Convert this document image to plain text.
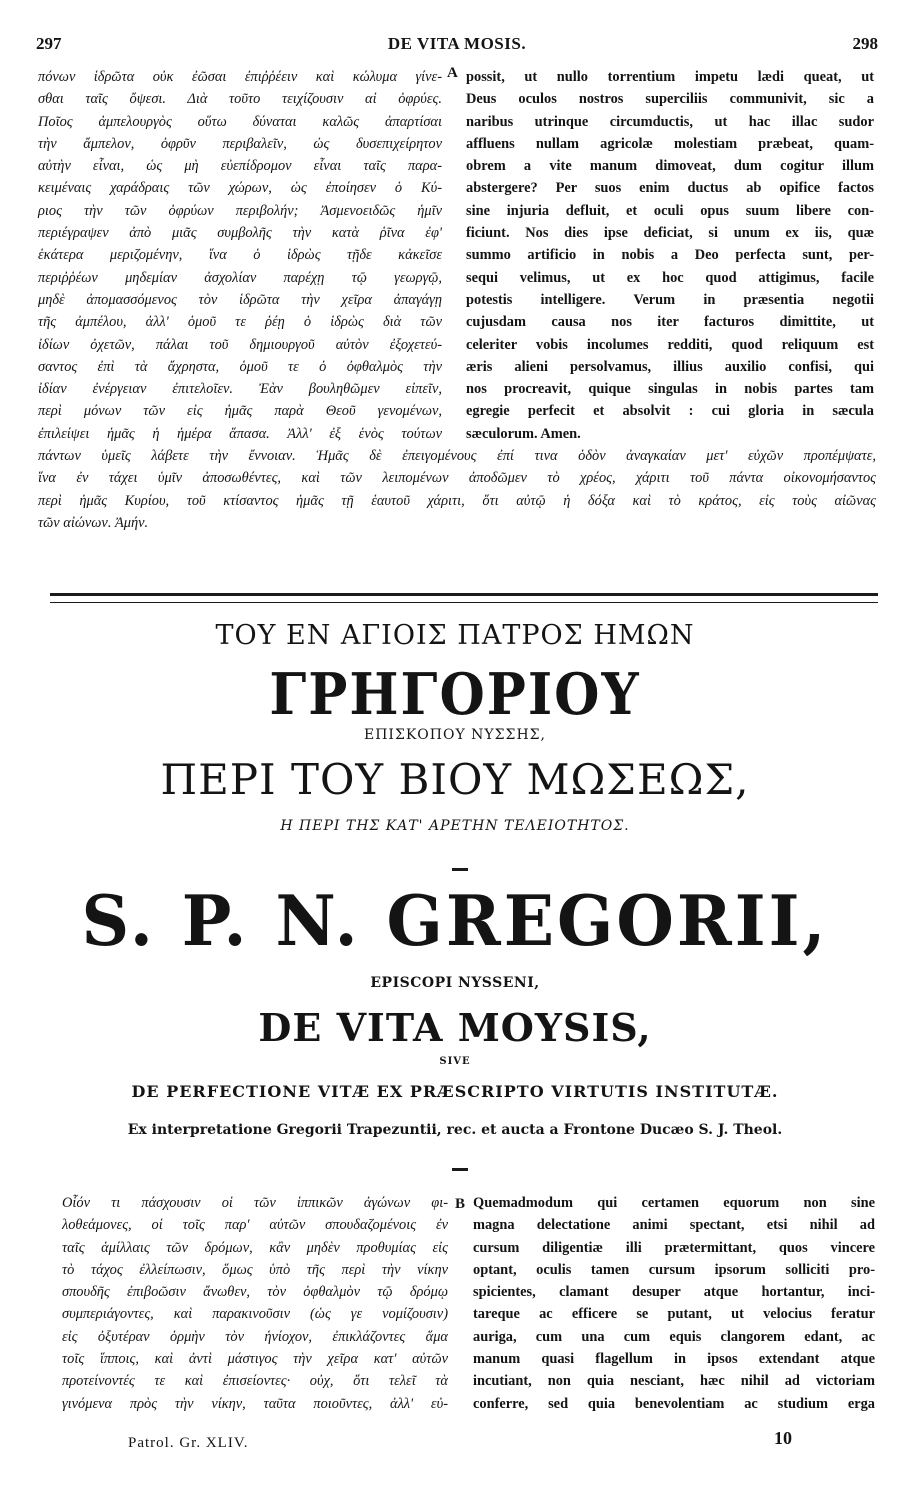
297	DE VITA MOSIS.	298
πόνων ἱδρῶτα οὐκ ἐῶσαι ἐπιῤῥέειν καὶ κώλυμα γίνε-
σθαι ταῖς ὄψεσι. Διὰ τοῦτο τειχίζουσιν αἱ ὀφρύες.
Ποῖος ἀμπελουργὸς οὕτω δύναται καλῶς ἀπαρτίσαι
τὴν ἄμπελον, ὀφρῦν περιβαλεῖν, ὡς δυσεπιχείρητον
αὐτὴν εἶναι, ὡς μὴ εὐεπίδρομον εἶναι ταῖς παρα-
κειμέναις χαράδραις τῶν χώρων, ὡς ἐποίησεν ὁ Κύ-
ριος τὴν τῶν ὀφρύων περιβολήν; Ἀσμενοειδῶς ἡμῖν
περιέγραψεν ἀπὸ μιᾶς συμβολῆς τὴν κατὰ ῥῖνα ἐφ'
ἑκάτερα μεριζομένην, ἵνα ὁ ἱδρὼς τῇδε κἀκεῖσε
περιῤῥέων μηδεμίαν ἀσχολίαν παρέχῃ τῷ γεωργῷ,
μηδὲ ἀπομασσόμενος τὸν ἱδρῶτα τὴν χεῖρα ἀπαγάγῃ
τῆς ἀμπέλου, ἀλλ' ὁμοῦ τε ῥέῃ ὁ ἱδρὼς διὰ τῶν
ἰδίων ὀχετῶν, πάλαι τοῦ δημιουργοῦ αὐτὸν ἐξοχετεύ-
σαντος ἐπὶ τὰ ἄχρηστα, ὁμοῦ τε ὁ ὀφθαλμὸς τὴν
ἰδίαν ἐνέργειαν ἐπιτελοῖεν. Ἐὰν βουληθῶμεν εἰπεῖν,
περὶ μόνων τῶν εἰς ἡμᾶς παρὰ Θεοῦ γενομένων,
ἐπιλείψει ἡμᾶς ἡ ἡμέρα ἅπασα. Ἀλλ' ἐξ ἑνὸς τούτων
A possit, ut nullo torrentium impetu lædi queat, ut
Deus oculos nostros superciliis communivit, sic a
naribus utrinque circumductis, ut hac illac sudor
affluens nullam agricolæ molestiam præbeat, quam-
obrem a vite manum dimoveat, dum cogitur illum
abstergere? Per suos enim ductus ab opifice factos
sine injuria defluit, et oculi opus suum libere con-
ficiunt. Nos dies ipse deficiat, si unum ex iis, quæ
summo artificio in nobis a Deo perfecta sunt, per-
sequi velimus, ut ex hoc quod attigimus, facile
potestis intelligere. Verum in præsentia negotii
cujusdam causa nos iter facturos dimittite, ut
celeriter vobis incolumes redditi, quod reliquum est
æris alieni persolvamus, illius auxilio confisi, qui
nos procreavit, quique singulas in nobis partes tam
egregie perfecit et absolvit : cui gloria in sæcula
sæculorum. Amen.
πάντων ὑμεῖς λάβετε τὴν ἔννοιαν. Ἡμᾶς δὲ ἐπειγομένους ἐπί τινα ὁδὸν ἀναγκαίαν μετ' εὐχῶν προπέμψατε,
ἵνα ἐν τάχει ὑμῖν ἀποσωθέντες, καὶ τῶν λειπομένων ἀποδῶμεν τὸ χρέος, χάριτι τοῦ πάντα οἰκονομήσαντος
περὶ ἡμᾶς Κυρίου, τοῦ κτίσαντος ἡμᾶς τῇ ἑαυτοῦ χάριτι, ὅτι αὐτῷ ἡ δόξα καὶ τὸ κράτος, εἰς τοὺς αἰῶνας
τῶν αἰώνων. Ἀμήν.
ΤΟΥ ΕΝ ΑΓΙΟΙΣ ΠΑΤΡΟΣ ΗΜΩΝ
ΓΡΗΓΟΡΙΟΥ
ΕΠΙΣΚΟΠΟΥ ΝΥΣΣΗΣ,
ΠΕΡΙ ΤΟΥ ΒΙΟΥ ΜΩΣΕΩΣ,
Η ΠΕΡΙ ΤΗΣ ΚΑΤ' ΑΡΕΤΗΝ ΤΕΛΕΙΟΤΗΤΟΣ.
S. P. N. GREGORII,
EPISCOPI NYSSENI,
DE VITA MOYSIS,
SIVE
DE PERFECTIONE VITÆ EX PRÆSCRIPTO VIRTUTIS INSTITUTÆ.
Ex interpretatione Gregorii Trapezuntii, rec. et aucta a Frontone Ducæo S. J. Theol.
Οἷόν τι πάσχουσιν οἱ τῶν ἱππικῶν ἀγώνων φι-
λοθεάμονες, οἱ τοῖς παρ' αὐτῶν σπουδαζομένοις ἐν
ταῖς ἁμίλλαις τῶν δρόμων, κἂν μηδὲν προθυμίας εἰς
τὸ τάχος ἐλλείπωσιν, ὅμως ὑπὸ τῆς περὶ τὴν νίκην
σπουδῆς ἐπιβοῶσιν ἄνωθεν, τὸν ὀφθαλμὸν τῷ δρόμῳ
συμπεριάγοντες, καὶ παρακινοῦσιν (ὡς γε νομίζουσιν)
εἰς ὀξυτέραν ὁρμὴν τὸν ἡνίοχον, ἐπικλάζοντες ἅμα
τοῖς ἵπποις, καὶ ἀντὶ μάστιγος τὴν χεῖρα κατ' αὐτῶν
προτείνοντές τε καὶ ἐπισείοντες· οὐχ, ὅτι τελεῖ τὰ
γινόμενα πρὸς τὴν νίκην, ταῦτα ποιοῦντες, ἀλλ' εὐ-
B Quemadmodum qui certamen equorum non sine
magna delectatione animi spectant, etsi nihil ad
cursum diligentiæ illi prætermittant, quos vincere
optant, oculis tamen cursum ipsorum solliciti pro-
spicientes, clamant desuper atque hortantur, inci-
tareque ac efficere se putant, ut velocius feratur
auriga, cum una cum equis clangorem edant, ac
manum quasi flagellum in ipsos extendant atque
incutiant, non quia nesciant, hæc nihil ad victoriam
conferre, sed quia benevolentiam ac studium erga
Patrol. Gr. XLIV.	10
